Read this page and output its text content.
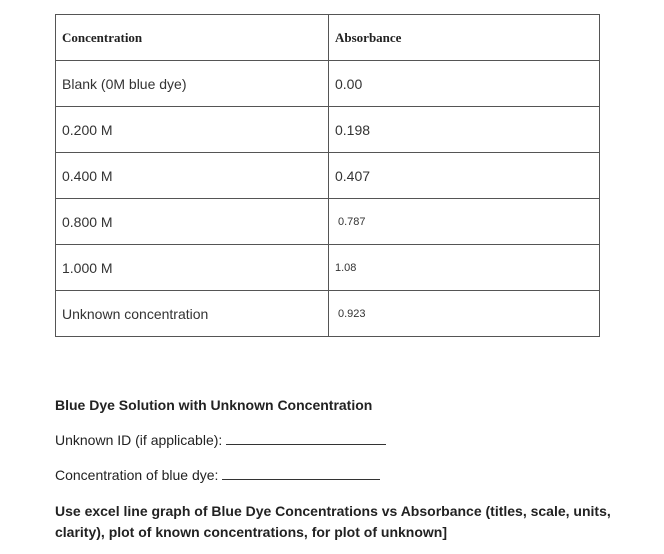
Concentration	Absorbance
Blank (0M blue dye)	0.00
0.200 M	0.198
0.400 M	0.407
0.800 M	0.787
1.000 M	1.08
Unknown concentration	0.923
Blue Dye Solution with Unknown Concentration
Unknown ID (if applicable):
Concentration of blue dye:
Use excel line graph of Blue Dye Concentrations vs Absorbance (titles, scale, units, clarity), plot of known concentrations, for plot of unknown]
